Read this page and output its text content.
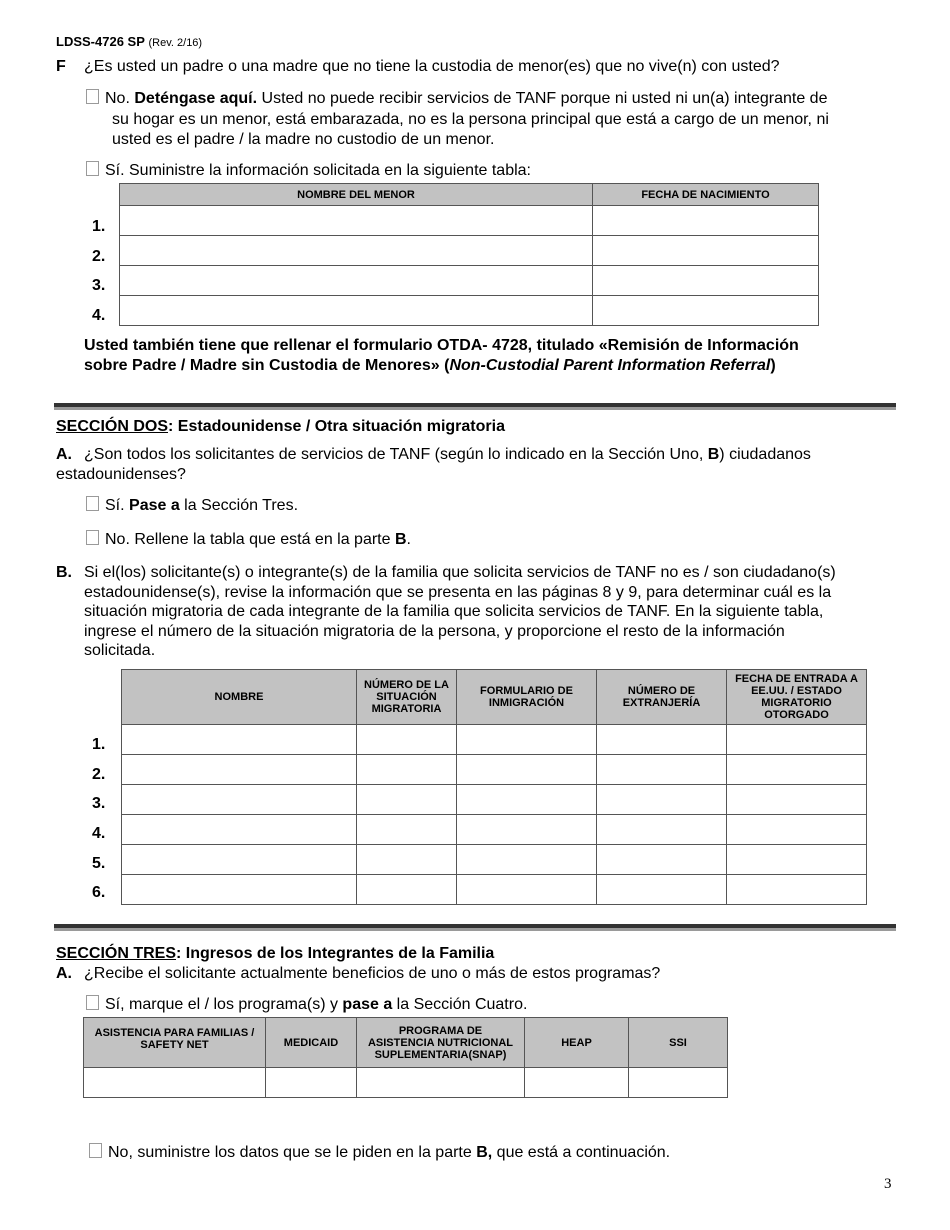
LDSS-4726 SP (Rev. 2/16)
F ¿Es usted un padre o una madre que no tiene la custodia de menor(es) que no vive(n) con usted?
No. Deténgase aquí. Usted no puede recibir servicios de TANF porque ni usted ni un(a) integrante de
su hogar es un menor, está embarazada, no es la persona principal que está a cargo de un menor, ni
usted es el padre / la madre no custodio de un menor.
Sí. Suministre la información solicitada en la siguiente tabla:
NOMBRE DEL MENOR	FECHA DE NACIMIENTO

1.
2.
3.
4.
Usted también tiene que rellenar el formulario OTDA- 4728, titulado «Remisión de Información
sobre Padre / Madre sin Custodia de Menores» (Non-Custodial Parent Information Referral)
SECCIÓN DOS: Estadounidense / Otra situación migratoria
A. ¿Son todos los solicitantes de servicios de TANF (según lo indicado en la Sección Uno, B) ciudadanos
estadounidenses?
Sí. Pase a la Sección Tres.
No. Rellene la tabla que está en la parte B.
B. Si el(los) solicitante(s) o integrante(s) de la familia que solicita servicios de TANF no es / son ciudadano(s)
estadounidense(s), revise la información que se presenta en las páginas 8 y 9, para determinar cuál es la
situación migratoria de cada integrante de la familia que solicita servicios de TANF. En la siguiente tabla,
ingrese el número de la situación migratoria de la persona, y proporcione el resto de la información
solicitada.
NOMBRE	NÚMERO DE LA SITUACIÓN MIGRATORIA	FORMULARIO DE INMIGRACIÓN	NÚMERO DE EXTRANJERÍA	FECHA DE ENTRADA A EE.UU. / ESTADO MIGRATORIO OTORGADO

1.
2.
3.
4.
5.
6.
SECCIÓN TRES: Ingresos de los Integrantes de la Familia
A. ¿Recibe el solicitante actualmente beneficios de uno o más de estos programas?
Sí, marque el / los programa(s) y pase a la Sección Cuatro.
ASISTENCIA PARA FAMILIAS / SAFETY NET	MEDICAID	PROGRAMA DE ASISTENCIA NUTRICIONAL SUPLEMENTARIA(SNAP)	HEAP	SSI

No, suministre los datos que se le piden en la parte B, que está a continuación.
3
